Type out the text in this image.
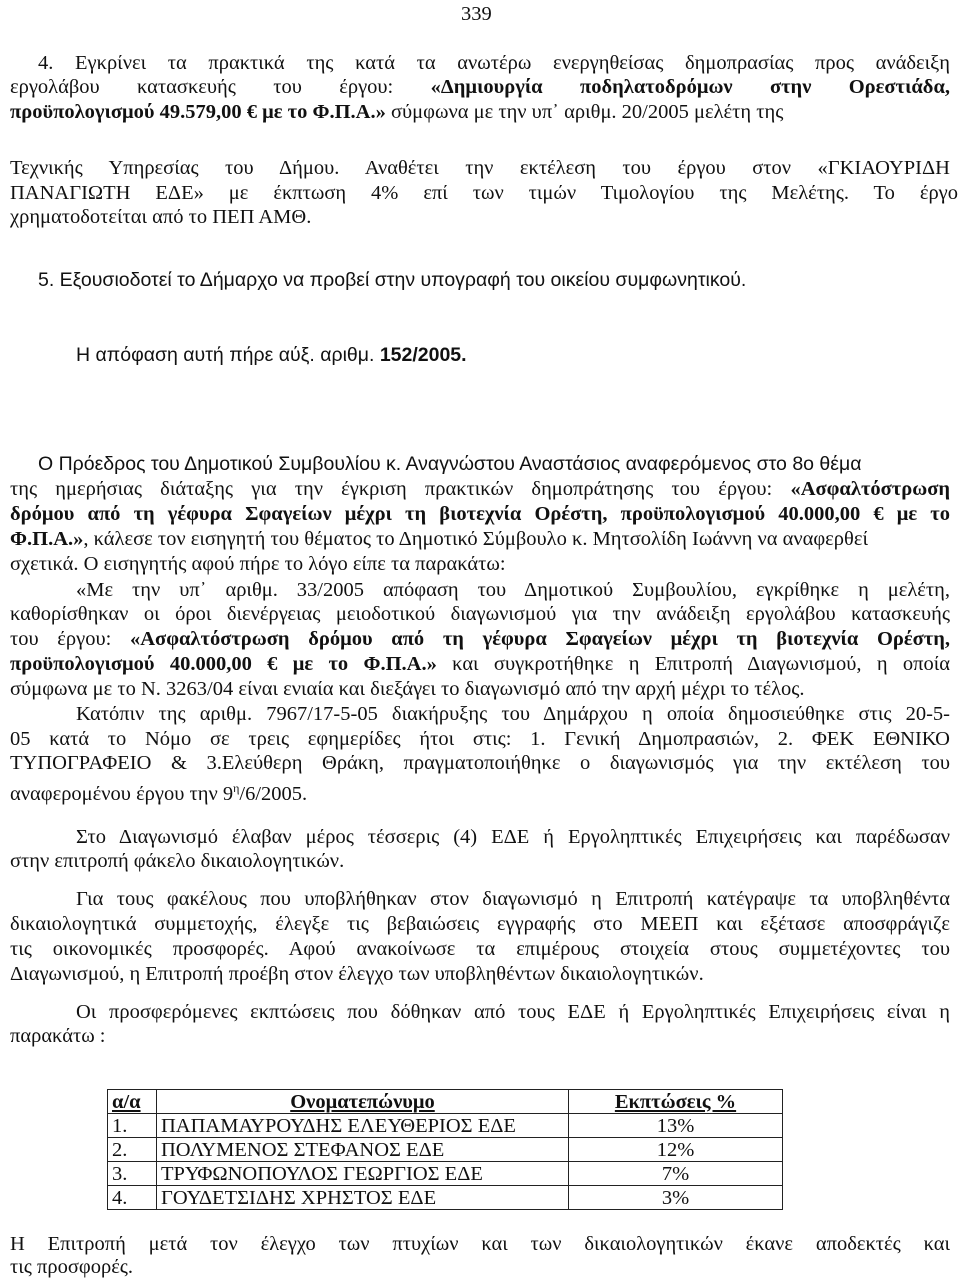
339
4. Εγκρίνει τα πρακτικά της κατά τα ανωτέρω ενεργηθείσας δημοπρασίας προς ανάδειξη
εργολάβου κατασκευής του έργου: «Δημιουργία ποδηλατοδρόμων στην Ορεστιάδα,
προϋπολογισμού 49.579,00 € με το Φ.Π.Α.» σύμφωνα με την υπ᾽ αριθμ. 20/2005 μελέτη της
Τεχνικής Υπηρεσίας του Δήμου. Αναθέτει την εκτέλεση του έργου στον «ΓΚΙΑΟΥΡΙΔΗ
ΠΑΝΑΓΙΩΤΗ ΕΔΕ» με έκπτωση 4% επί των τιμών Τιμολογίου της Μελέτης. Το έργο
χρηματοδοτείται από το ΠΕΠ ΑΜΘ.
5. Εξουσιοδοτεί το Δήμαρχο να προβεί στην υπογραφή του οικείου συμφωνητικού.
Η απόφαση αυτή πήρε αύξ. αριθμ. 152/2005.
Ο Πρόεδρος του Δημοτικού Συμβουλίου κ. Αναγνώστου Αναστάσιος αναφερόμενος στο 8ο θέμα
της ημερήσιας διάταξης για την έγκριση πρακτικών δημοπράτησης του έργου: «Ασφαλτόστρωση
δρόμου από τη γέφυρα Σφαγείων μέχρι τη βιοτεχνία Ορέστη, προϋπολογισμού 40.000,00 € με το
Φ.Π.Α.», κάλεσε τον εισηγητή του θέματος το Δημοτικό Σύμβουλο κ. Μητσολίδη Ιωάννη να αναφερθεί
σχετικά. Ο εισηγητής αφού πήρε το λόγο είπε τα παρακάτω:
«Με την υπ᾽ αριθμ. 33/2005 απόφαση του Δημοτικού Συμβουλίου, εγκρίθηκε η μελέτη,
καθορίσθηκαν οι όροι διενέργειας μειοδοτικού διαγωνισμού για την ανάδειξη εργολάβου κατασκευής
του έργου: «Ασφαλτόστρωση δρόμου από τη γέφυρα Σφαγείων μέχρι τη βιοτεχνία Ορέστη,
προϋπολογισμού 40.000,00 € με το Φ.Π.Α.» και συγκροτήθηκε η Επιτροπή Διαγωνισμού, η οποία
σύμφωνα με το Ν. 3263/04 είναι ενιαία και διεξάγει το διαγωνισμό από την αρχή μέχρι το τέλος.
Κατόπιν της αριθμ. 7967/17-5-05 διακήρυξης του Δημάρχου η οποία δημοσιεύθηκε στις 20-5-
05 κατά το Νόμο σε τρεις εφημερίδες ήτοι στις: 1. Γενική Δημοπρασιών, 2. ΦΕΚ ΕΘΝΙΚΟ
ΤΥΠΟΓΡΑΦΕΙΟ & 3.Ελεύθερη Θράκη, πραγματοποιήθηκε ο διαγωνισμός για την εκτέλεση του
αναφερομένου έργου την $9^\eta/6/2005$.
Στο Διαγωνισμό έλαβαν μέρος τέσσερις (4) ΕΔΕ ή Εργοληπτικές Επιχειρήσεις και παρέδωσαν
στην επιτροπή φάκελο δικαιολογητικών.
Για τους φακέλους που υποβλήθηκαν στον διαγωνισμό η Επιτροπή κατέγραψε τα υποβληθέντα
δικαιολογητικά συμμετοχής, έλεγξε τις βεβαιώσεις εγγραφής στο ΜΕΕΠ και εξέτασε αποσφράγιζε
τις οικονομικές προσφορές. Αφού ανακοίνωσε τα επιμέρους στοιχεία στους συμμετέχοντες του
Διαγωνισμού, η Επιτροπή προέβη στον έλεγχο των υποβληθέντων δικαιολογητικών.
Οι προσφερόμενες εκπτώσεις που δόθηκαν από τους ΕΔΕ ή Εργοληπτικές Επιχειρήσεις είναι η
παρακάτω :
α/α	Ονοματεπώνυμο	Εκπτώσεις %
1.	ΠΑΠΑΜΑΥΡΟΥΔΗΣ ΕΛΕΥΘΕΡΙΟΣ ΕΔΕ	13%
2.	ΠΟΛΥΜΕΝΟΣ ΣΤΕΦΑΝΟΣ ΕΔΕ	12%
3.	ΤΡΥΦΩΝΟΠΟΥΛΟΣ ΓΕΩΡΓΙΟΣ ΕΔΕ	7%
4.	ΓΟΥΔΕΤΣΙΔΗΣ ΧΡΗΣΤΟΣ ΕΔΕ	3%
Η Επιτροπή μετά τον έλεγχο των πτυχίων και των δικαιολογητικών έκανε αποδεκτές και
τις προσφορές.
